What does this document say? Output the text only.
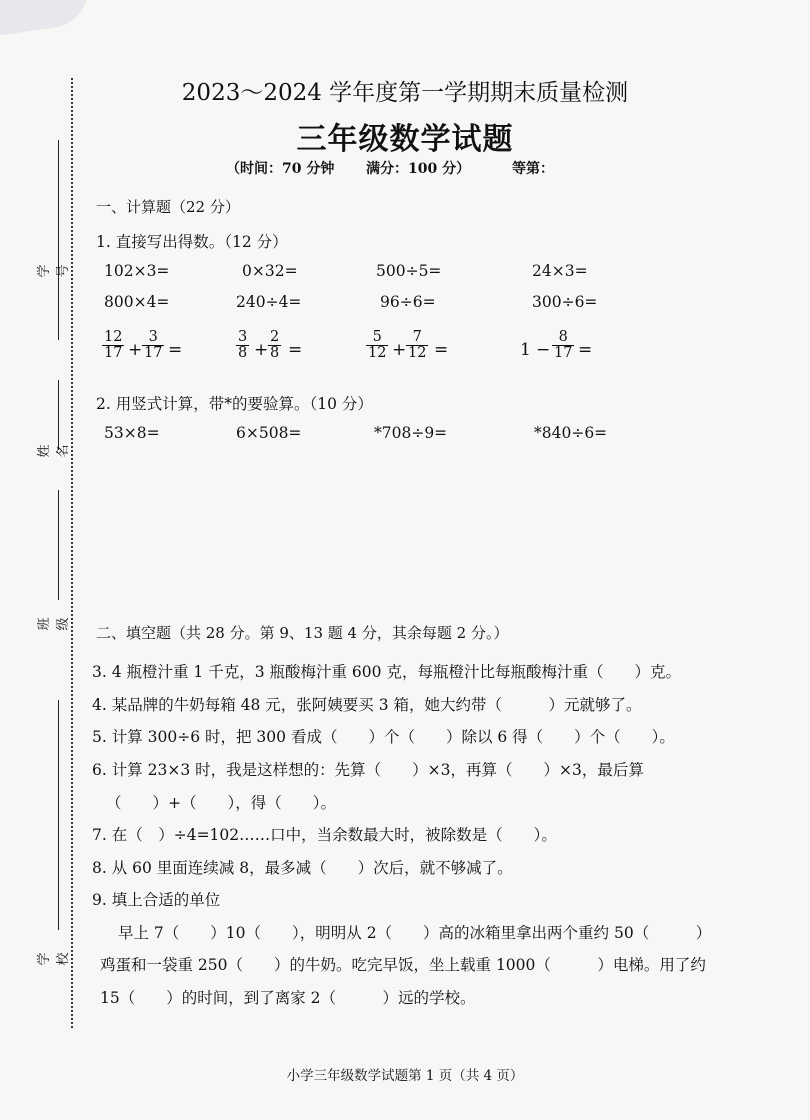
学号
姓名
班级
学校
2023～2024 学年度第一学期期末质量检测
三年级数学试题
（时间：70 分钟 满分：100 分）	等第：
一、计算题（22 分）
1. 直接写出得数。（12 分）
102×3=	0×32=	500÷5=	24×3=
800×4=	240÷4=	96÷6=	300÷6=
$\frac{12}{17} + \frac{3}{17}$ =	$\frac{3}{8} + \frac{2}{8}$ =	$\frac{5}{12} + \frac{7}{12}$ =	$1 - \frac{8}{17}$ =
2. 用竖式计算，带*的要验算。（10 分）
53×8=	6×508=	*708÷9=	*840÷6=
二、填空题（共 28 分。第 9、13 题 4 分，其余每题 2 分。）
3. 4 瓶橙汁重 1 千克，3 瓶酸梅汁重 600 克，每瓶橙汁比每瓶酸梅汁重（　　）克。
4. 某品牌的牛奶每箱 48 元，张阿姨要买 3 箱，她大约带（　　　）元就够了。
5. 计算 300÷6 时，把 300 看成（　　）个（　　）除以 6 得（　　）个（　　）。
6. 计算 23×3 时，我是这样想的：先算（　　）×3，再算（　　）×3，最后算
（　　）+（　　），得（　　）。
7. 在（　）÷4=102……口中，当余数最大时，被除数是（　　）。
8. 从 60 里面连续减 8，最多减（　　）次后，就不够减了。
9. 填上合适的单位
早上 7（　　）10（　　），明明从 2（　　）高的冰箱里拿出两个重约 50（　　　）
鸡蛋和一袋重 250（　　）的牛奶。吃完早饭，坐上载重 1000（　　　）电梯。用了约
15（　　）的时间，到了离家 2（　　　）远的学校。
小学三年级数学试题第 1 页（共 4 页）
